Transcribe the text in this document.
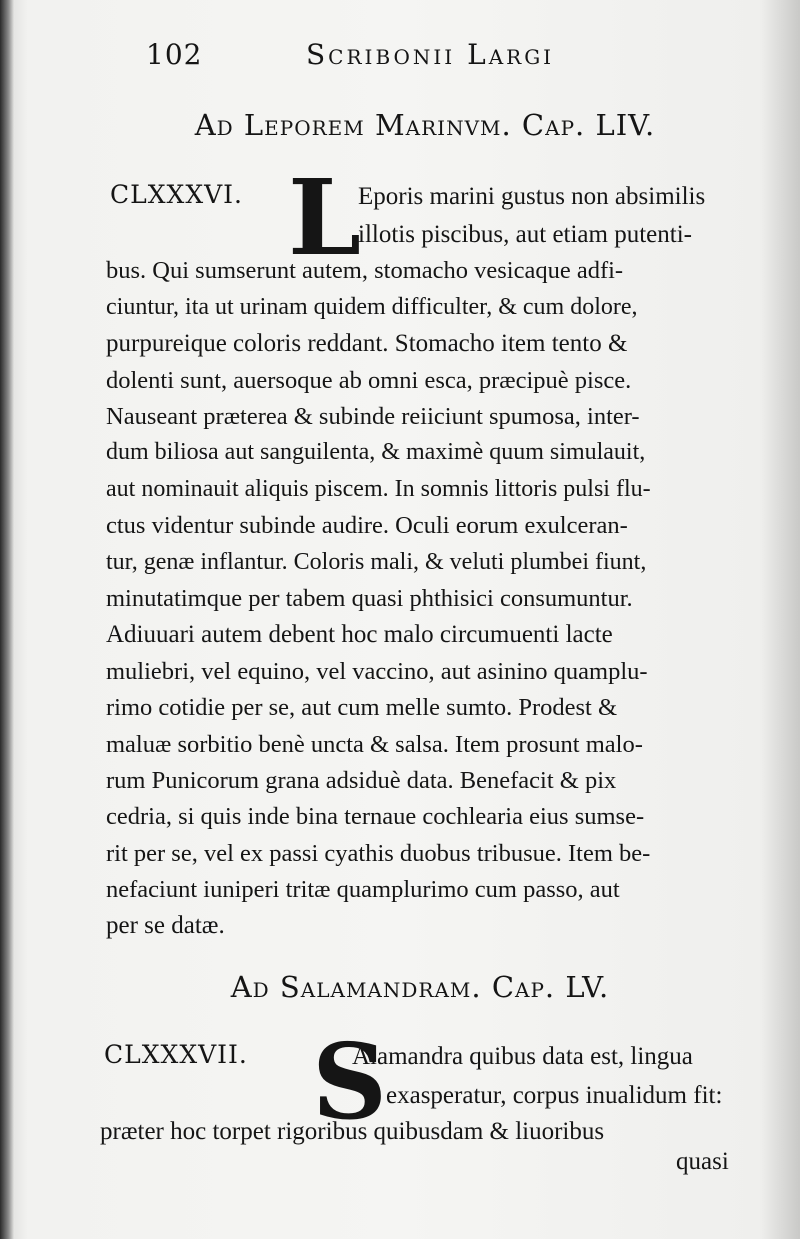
102	Scribonii Largi
Ad Leporem Marinvm. Cap. LIV.
CLXXXVI. L
Eporis marini gustus non absimilis
illotis piscibus, aut etiam putenti-
bus. Qui sumserunt autem, stomacho vesicaque adfi-
ciuntur, ita ut urinam quidem difficulter, & cum dolore,
purpureique coloris reddant. Stomacho item tento &
dolenti sunt, auersoque ab omni esca, præcipuè pisce.
Nauseant præterea & subinde reiiciunt spumosa, inter-
dum biliosa aut sanguilenta, & maximè quum simulauit,
aut nominauit aliquis piscem. In somnis littoris pulsi flu-
ctus videntur subinde audire. Oculi eorum exulceran-
tur, genæ inflantur. Coloris mali, & veluti plumbei fiunt,
minutatimque per tabem quasi phthisici consumuntur.
Adiuuari autem debent hoc malo circumuenti lacte
muliebri, vel equino, vel vaccino, aut asinino quamplu-
rimo cotidie per se, aut cum melle sumto. Prodest &
maluæ sorbitio benè uncta & salsa. Item prosunt malo-
rum Punicorum grana adsiduè data. Benefacit & pix
cedria, si quis inde bina ternaue cochlearia eius sumse-
rit per se, vel ex passi cyathis duobus tribusue. Item be-
nefaciunt iuniperi tritæ quamplurimo cum passo, aut
per se datæ.
Ad Salamandram. Cap. LV.
CLXXXVII. S
Alamandra quibus data est, lingua
exasperatur, corpus inualidum fit:
præter hoc torpet rigoribus quibusdam & liuoribus
quasi
